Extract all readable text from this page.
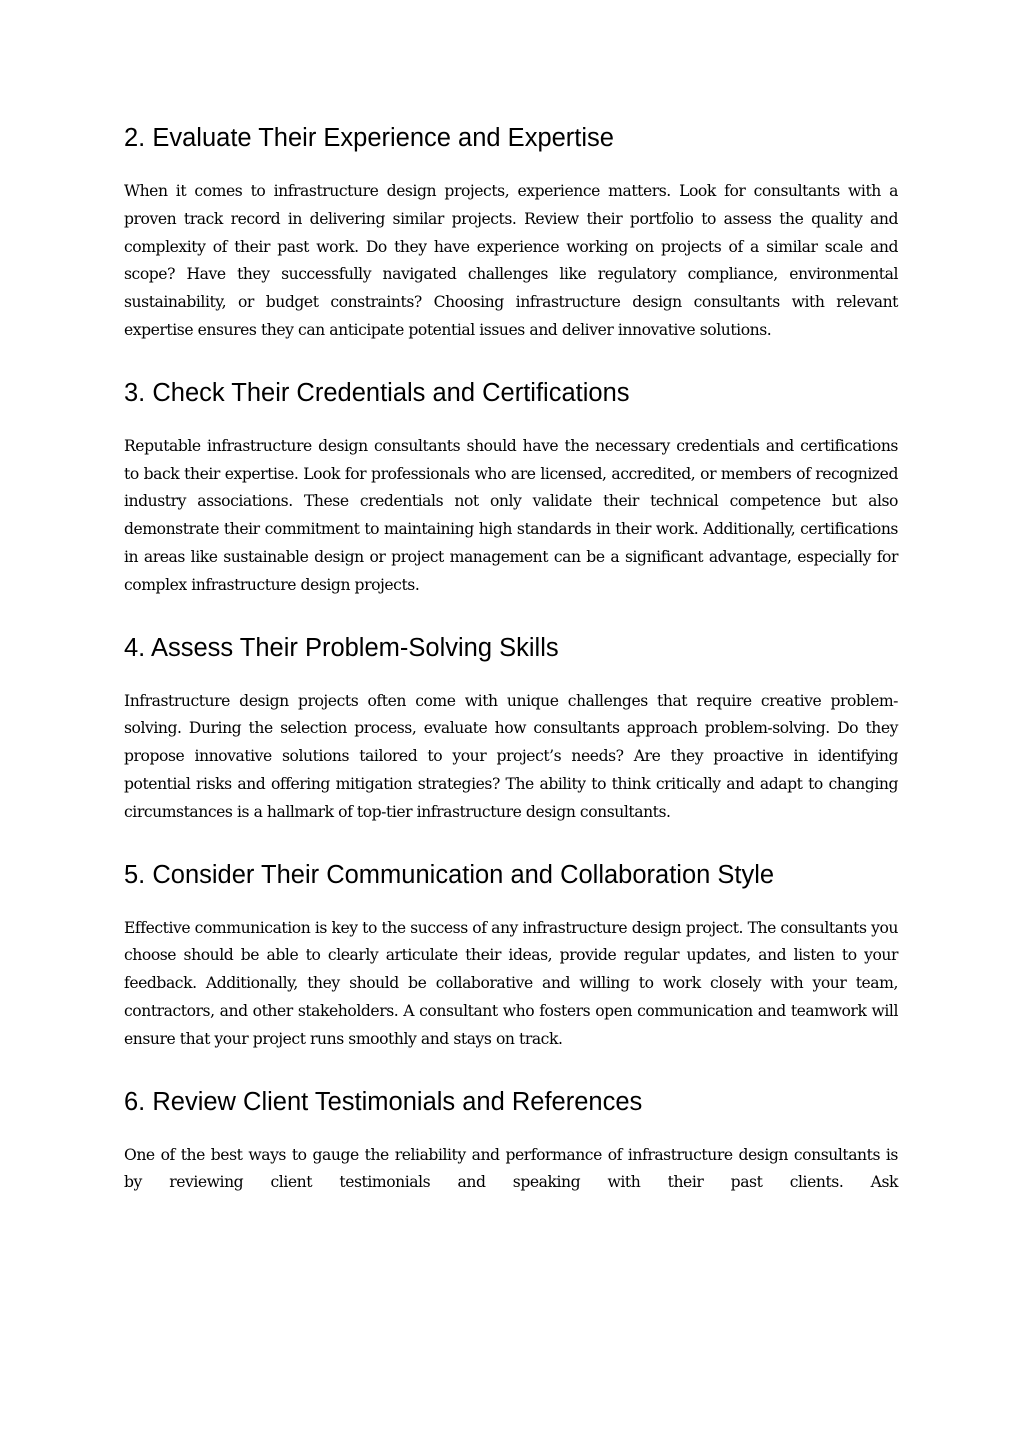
2. Evaluate Their Experience and Expertise

When it comes to infrastructure design projects, experience matters. Look for consultants with a proven track record in delivering similar projects. Review their portfolio to assess the quality and complexity of their past work. Do they have experience working on projects of a similar scale and scope? Have they successfully navigated challenges like regulatory compliance, environmental sustainability, or budget constraints? Choosing infrastructure design consultants with relevant expertise ensures they can anticipate potential issues and deliver innovative solutions.

3. Check Their Credentials and Certifications

Reputable infrastructure design consultants should have the necessary credentials and certifications to back their expertise. Look for professionals who are licensed, accredited, or members of recognized industry associations. These credentials not only validate their technical competence but also demonstrate their commitment to maintaining high standards in their work. Additionally, certifications in areas like sustainable design or project management can be a significant advantage, especially for complex infrastructure design projects.

4. Assess Their Problem-Solving Skills

Infrastructure design projects often come with unique challenges that require creative problem-solving. During the selection process, evaluate how consultants approach problem-solving. Do they propose innovative solutions tailored to your project’s needs? Are they proactive in identifying potential risks and offering mitigation strategies? The ability to think critically and adapt to changing circumstances is a hallmark of top-tier infrastructure design consultants.

5. Consider Their Communication and Collaboration Style

Effective communication is key to the success of any infrastructure design project. The consultants you choose should be able to clearly articulate their ideas, provide regular updates, and listen to your feedback. Additionally, they should be collaborative and willing to work closely with your team, contractors, and other stakeholders. A consultant who fosters open communication and teamwork will ensure that your project runs smoothly and stays on track.

6. Review Client Testimonials and References

One of the best ways to gauge the reliability and performance of infrastructure design consultants is by reviewing client testimonials and speaking with their past clients. Ask
